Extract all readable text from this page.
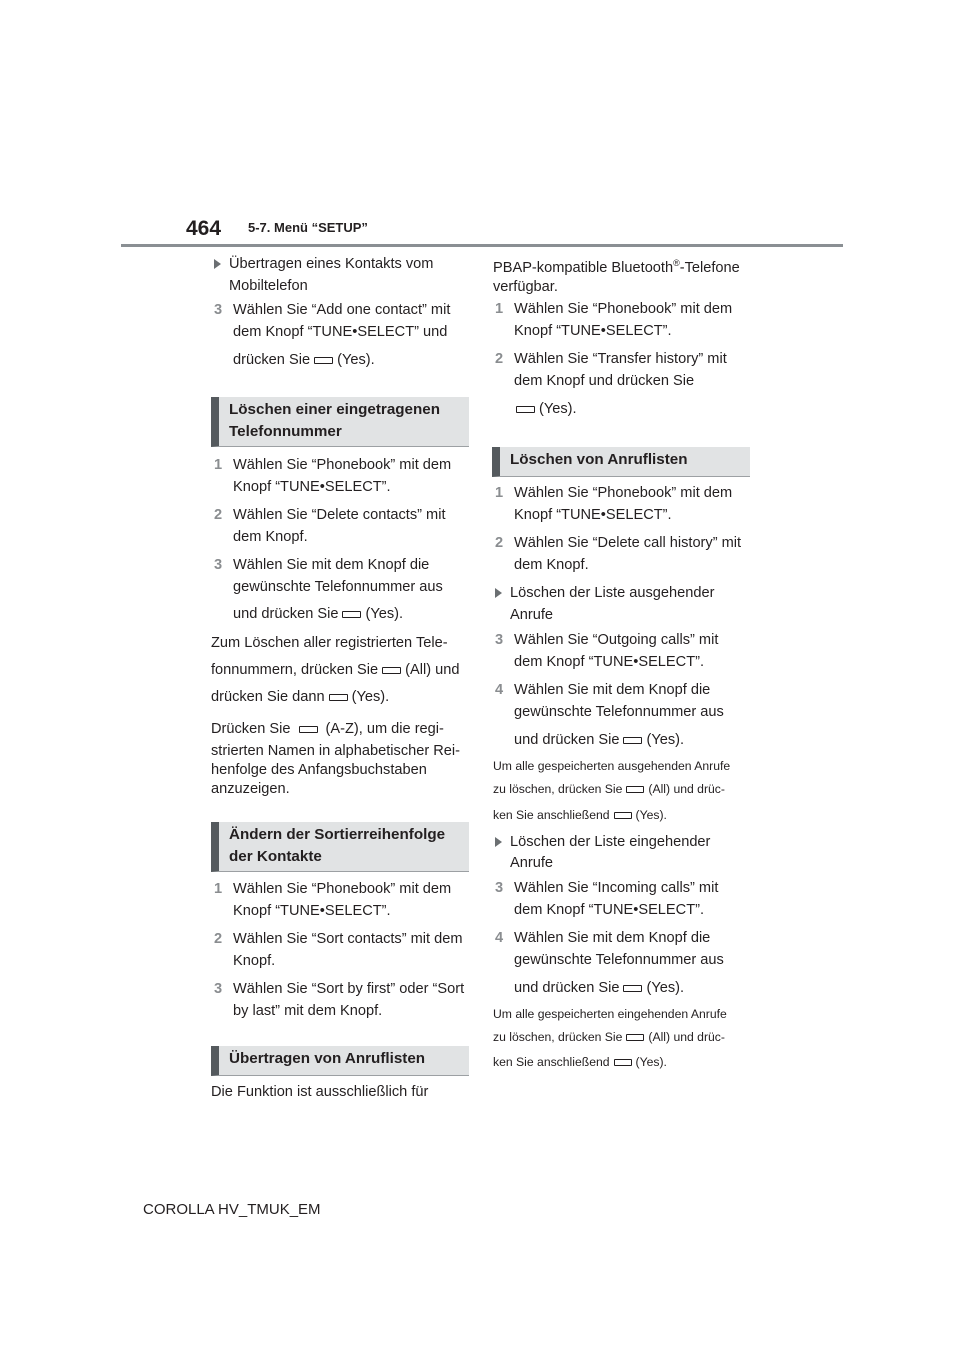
464 5-7. Menü “SETUP”
Übertragen eines Kontakts vom
Mobiltelefon
3 Wählen Sie “Add one contact” mit
dem Knopf “TUNE•SELECT” und
drücken Sie (Yes).
Löschen einer eingetragenen
Telefonnummer
1 Wählen Sie “Phonebook” mit dem
Knopf “TUNE•SELECT”.
2 Wählen Sie “Delete contacts” mit
dem Knopf.
3 Wählen Sie mit dem Knopf die
gewünschte Telefonnummer aus
und drücken Sie (Yes).
Zum Löschen aller registrierten Tele-
fonnummern, drücken Sie (All) und
drücken Sie dann (Yes).
Drücken Sie (A-Z), um die regi-
strierten Namen in alphabetischer Rei-
henfolge des Anfangsbuchstaben
anzuzeigen.
Ändern der Sortierreihenfolge
der Kontakte
1 Wählen Sie “Phonebook” mit dem
Knopf “TUNE•SELECT”.
2 Wählen Sie “Sort contacts” mit dem
Knopf.
3 Wählen Sie “Sort by first” oder “Sort
by last” mit dem Knopf.
Übertragen von Anruflisten
Die Funktion ist ausschließlich für
PBAP-kompatible Bluetooth®-Telefone
verfügbar.
1 Wählen Sie “Phonebook” mit dem
Knopf “TUNE•SELECT”.
2 Wählen Sie “Transfer history” mit
dem Knopf und drücken Sie
(Yes).
Löschen von Anruflisten
1 Wählen Sie “Phonebook” mit dem
Knopf “TUNE•SELECT”.
2 Wählen Sie “Delete call history” mit
dem Knopf.
Löschen der Liste ausgehender
Anrufe
3 Wählen Sie “Outgoing calls” mit
dem Knopf “TUNE•SELECT”.
4 Wählen Sie mit dem Knopf die
gewünschte Telefonnummer aus
und drücken Sie (Yes).
Um alle gespeicherten ausgehenden Anrufe
zu löschen, drücken Sie (All) und drüc-
ken Sie anschließend (Yes).
Löschen der Liste eingehender
Anrufe
3 Wählen Sie “Incoming calls” mit
dem Knopf “TUNE•SELECT”.
4 Wählen Sie mit dem Knopf die
gewünschte Telefonnummer aus
und drücken Sie (Yes).
Um alle gespeicherten eingehenden Anrufe
zu löschen, drücken Sie (All) und drüc-
ken Sie anschließend (Yes).
COROLLA HV_TMUK_EM
